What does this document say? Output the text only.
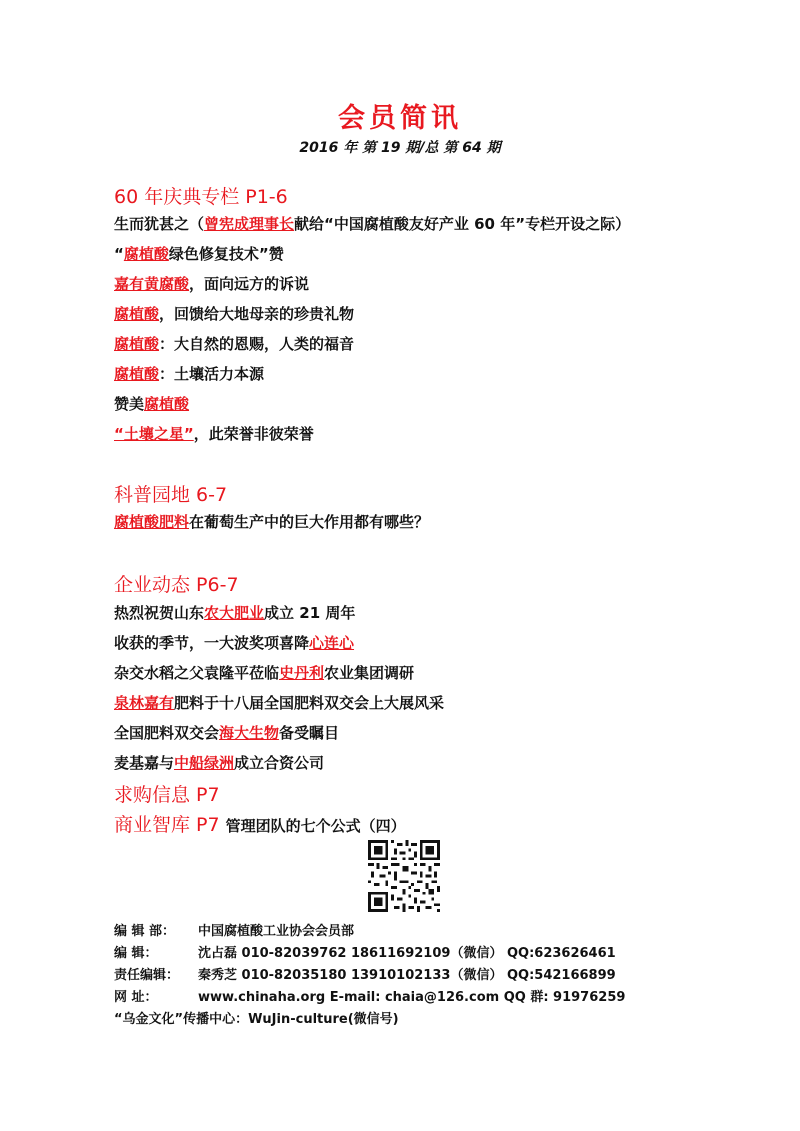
会员简讯
2016 年 第 19 期/总 第 64 期
60 年庆典专栏 P1-6
生而犹甚之（曾宪成理事长献给“中国腐植酸友好产业 60 年”专栏开设之际）
“腐植酸绿色修复技术”赞
嘉有黄腐酸，面向远方的诉说
腐植酸，回馈给大地母亲的珍贵礼物
腐植酸：大自然的恩赐，人类的福音
腐植酸：土壤活力本源
赞美腐植酸
“土壤之星”，此荣誉非彼荣誉
科普园地 6-7
腐植酸肥料在葡萄生产中的巨大作用都有哪些？
企业动态 P6-7
热烈祝贺山东农大肥业成立 21 周年
收获的季节，一大波奖项喜降心连心
杂交水稻之父袁隆平莅临史丹利农业集团调研
泉林嘉有肥料于十八届全国肥料双交会上大展风采
全国肥料双交会海大生物备受瞩目
麦基嘉与中船绿洲成立合资公司
求购信息 P7
商业智库 P7 管理团队的七个公式（四）
编 辑 部： 中国腐植酸工业协会会员部
编 辑：	沈占磊 010-82039762 18611692109（微信） QQ:623626461
责任编辑： 秦秀芝 010-82035180 13910102133（微信） QQ:542166899
网 址：	www.chinaha.org E-mail: chaia@126.com QQ 群: 91976259
“乌金文化”传播中心：WuJin-culture(微信号)
